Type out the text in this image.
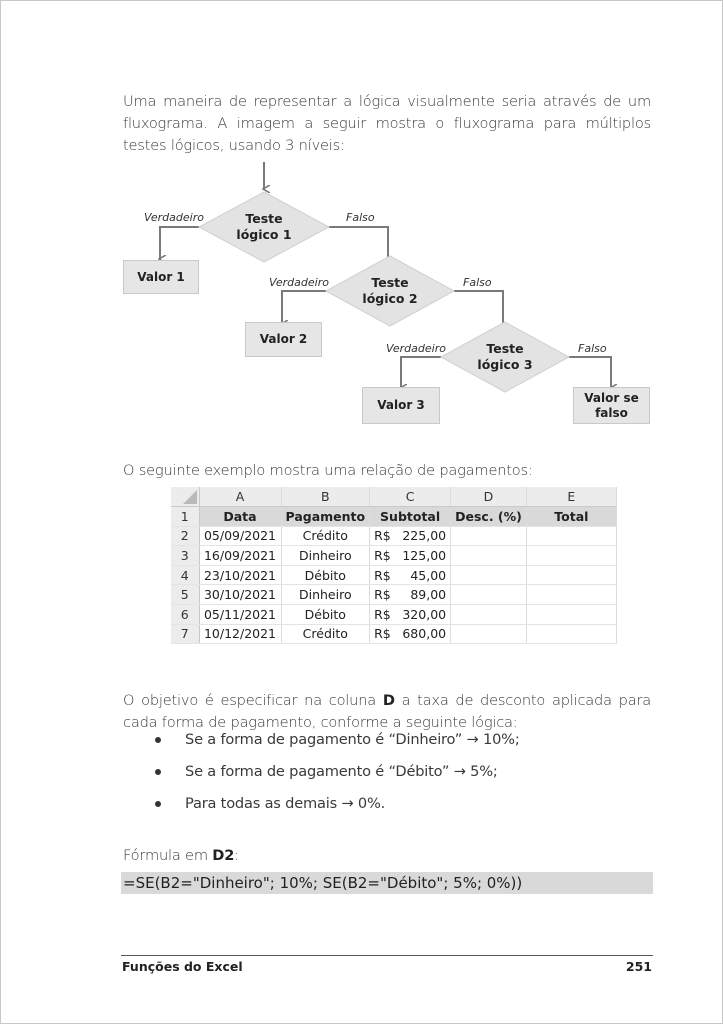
Uma maneira de representar a lógica visualmente seria através de um fluxograma. A imagem a seguir mostra o fluxograma para múltiplos testes lógicos, usando 3 níveis:

Verdadeiro	Falso
Verdadeiro	Falso
Verdadeiro	Falso
Teste
lógico 1
Teste
lógico 2
Teste
lógico 3
Valor 1
Valor 2
Valor 3
Valor se
falso

O seguinte exemplo mostra uma relação de pagamentos:

	A	B	C	D	E
1	Data	Pagamento	Subtotal	Desc. (%)	Total
2	05/09/2021	Crédito	R$ 225,00		

3	16/09/2021	Dinheiro	R$ 125,00		

4	23/10/2021	Débito	R$ 45,00		

5	30/10/2021	Dinheiro	R$ 89,00		

6	05/11/2021	Débito	R$ 320,00		

7	10/12/2021	Crédito	R$ 680,00		

O objetivo é especificar na coluna D a taxa de desconto aplicada para cada forma de pagamento, conforme a seguinte lógica:

Se a forma de pagamento é “Dinheiro” → 10%;
Se a forma de pagamento é “Débito” → 5%;
Para todas as demais → 0%.

Fórmula em D2:

=SE(B2="Dinheiro"; 10%; SE(B2="Débito"; 5%; 0%))
Funções do Excel	251
